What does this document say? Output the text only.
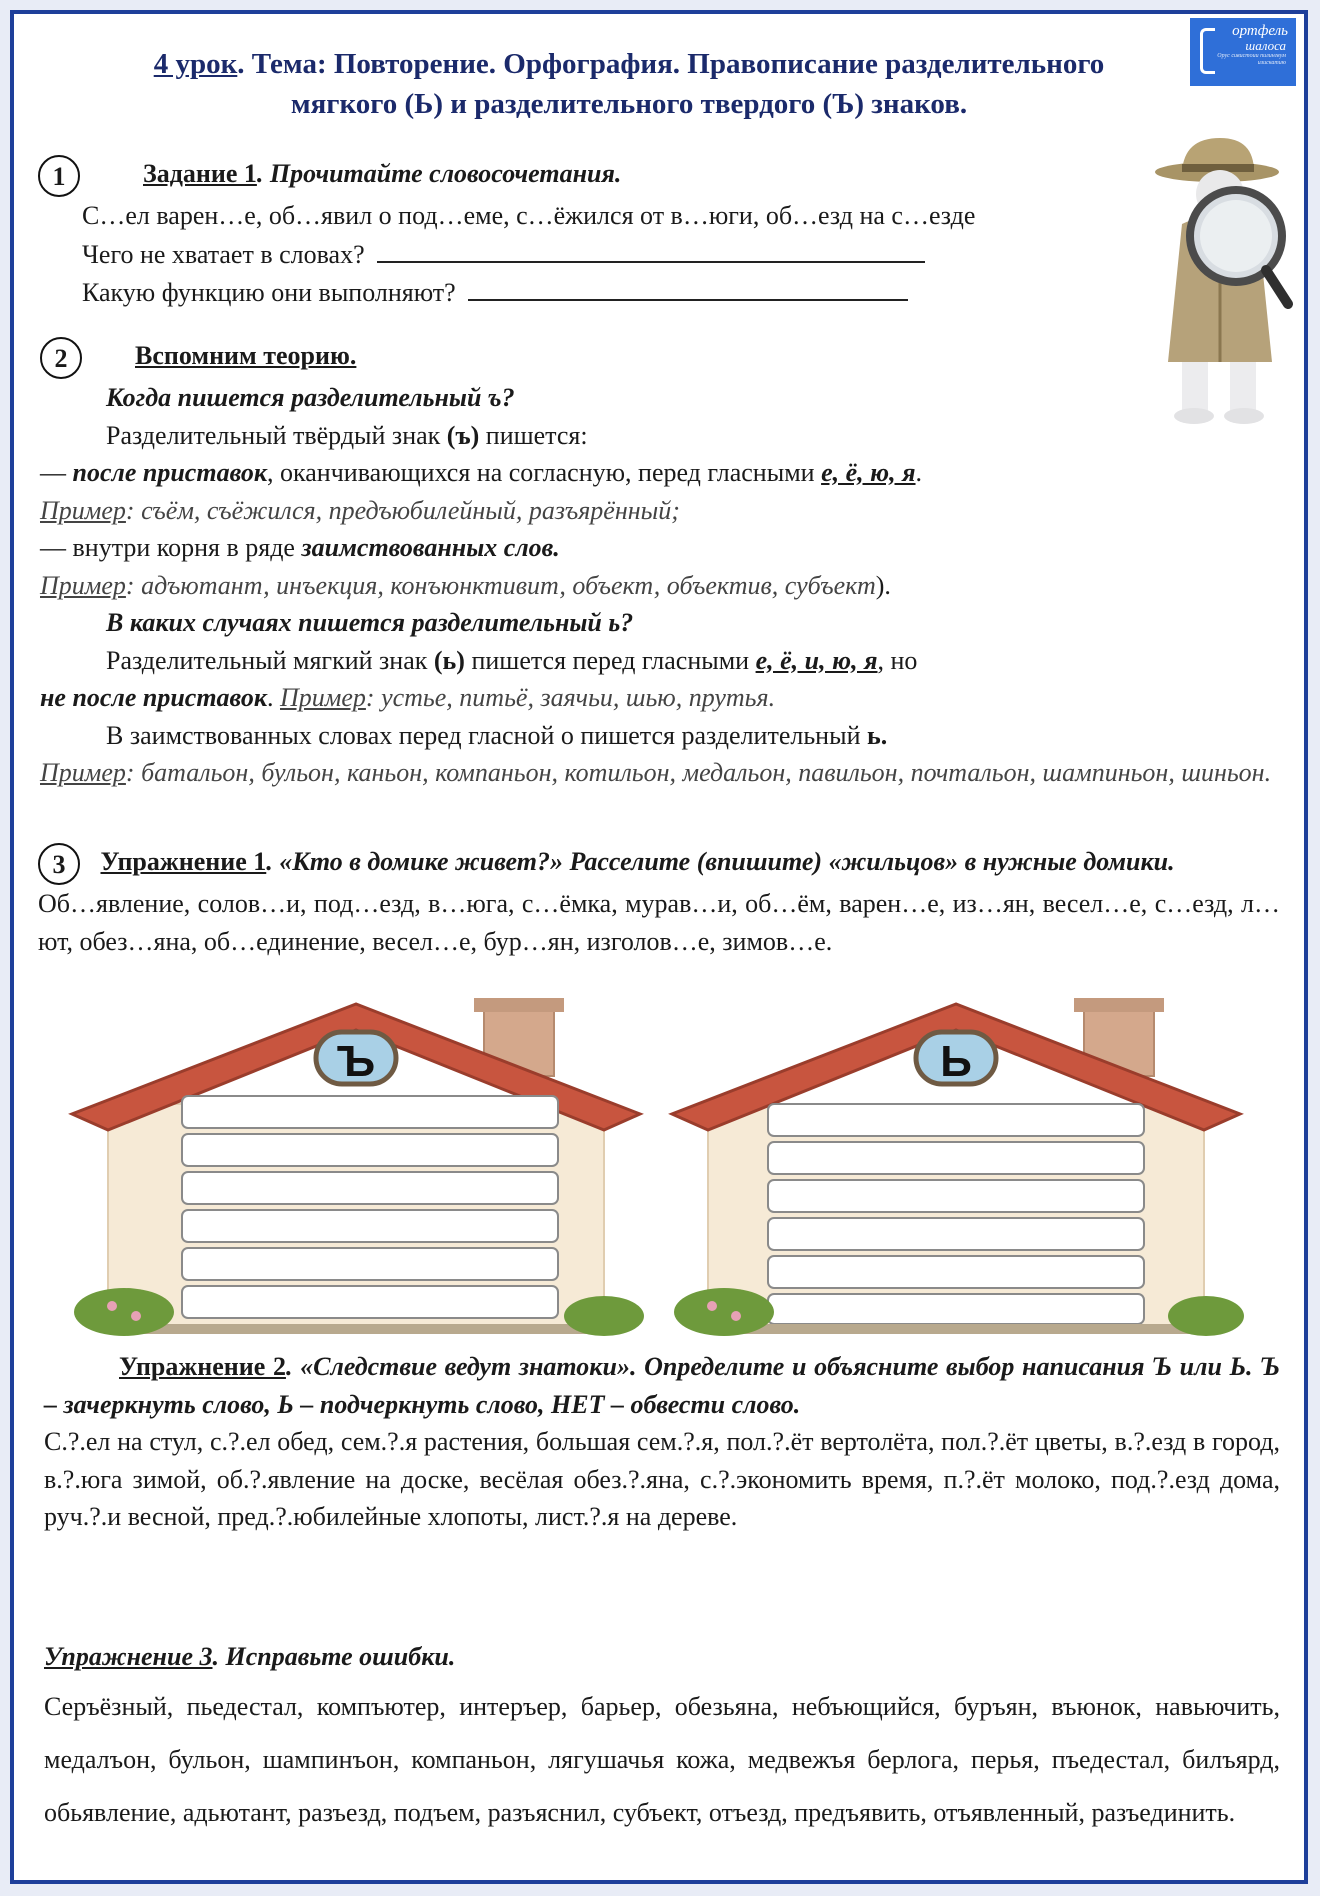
ортфель
шалоса
Орус сивистоии пилингвум изискатию
4 урок. Тема: Повторение. Орфография. Правописание разделительного
мягкого (Ь) и разделительного твердого (Ъ) знаков.
1	Задание 1. Прочитайте словосочетания.
С…ел варен…е, об…явил о под…еме, с…ёжился от в…юги, об…езд на с…езде
Чего не хватает в словах?
Какую функцию они выполняют?
2	Вспомним теорию.
Когда пишется разделительный ъ?
Разделительный твёрдый знак (ъ) пишется:
— после приставок, оканчивающихся на согласную, перед гласными е, ё, ю, я.
Пример: съём, съёжился, предъюбилейный, разъярённый;
— внутри корня в ряде заимствованных слов.
Пример: адъютант, инъекция, конъюнктивит, объект, объектив, субъект).
В каких случаях пишется разделительный ь?
Разделительный мягкий знак (ь) пишется перед гласными е, ё, и, ю, я, но
не после приставок. Пример: устье, питьё, заячьи, шью, прутья.
В заимствованных словах перед гласной о пишется разделительный ь.
Пример: батальон, бульон, каньон, компаньон, котильон, медальон, павильон, почтальон, шампиньон, шиньон.
3 Упражнение 1. «Кто в домике живет?» Расселите (впишите) «жильцов» в нужные домики.
Об…явление, солов…и, под…езд, в…юга, с…ёмка, мурав…и, об…ём, варен…е, из…ян, весел…е, с…езд, л…ют, обез…яна, об…единение, весел…е, бур…ян, изголов…е, зимов…е.
Ъ	Ь
Упражнение 2. «Следствие ведут знатоки». Определите и объясните выбор написания Ъ или Ь. Ъ – зачеркнуть слово, Ь – подчеркнуть слово, НЕТ – обвести слово.
С.?.ел на стул, с.?.ел обед, сем.?.я растения, большая сем.?.я, пол.?.ёт вертолёта, пол.?.ёт цветы, в.?.езд в город, в.?.юга зимой, об.?.явление на доске, весёлая обез.?.яна, с.?.экономить время, п.?.ёт молоко, под.?.езд дома, руч.?.и весной, пред.?.юбилейные хлопоты, лист.?.я на дереве.
Упражнение 3. Исправьте ошибки.
Серъёзный, пьедестал, компъютер, интеръер, барьер, обезьяна, небъющийся, буръян, въюнок, навьючить, медалъон, бульон, шампинъон, компаньон, лягушачья кожа, медвежъя берлога, перья, пъедестал, билъярд, обьявление, адьютант, разъезд, подъем, разъяснил, субъект, отъезд, предъявить, отъявленный, разъединить.
